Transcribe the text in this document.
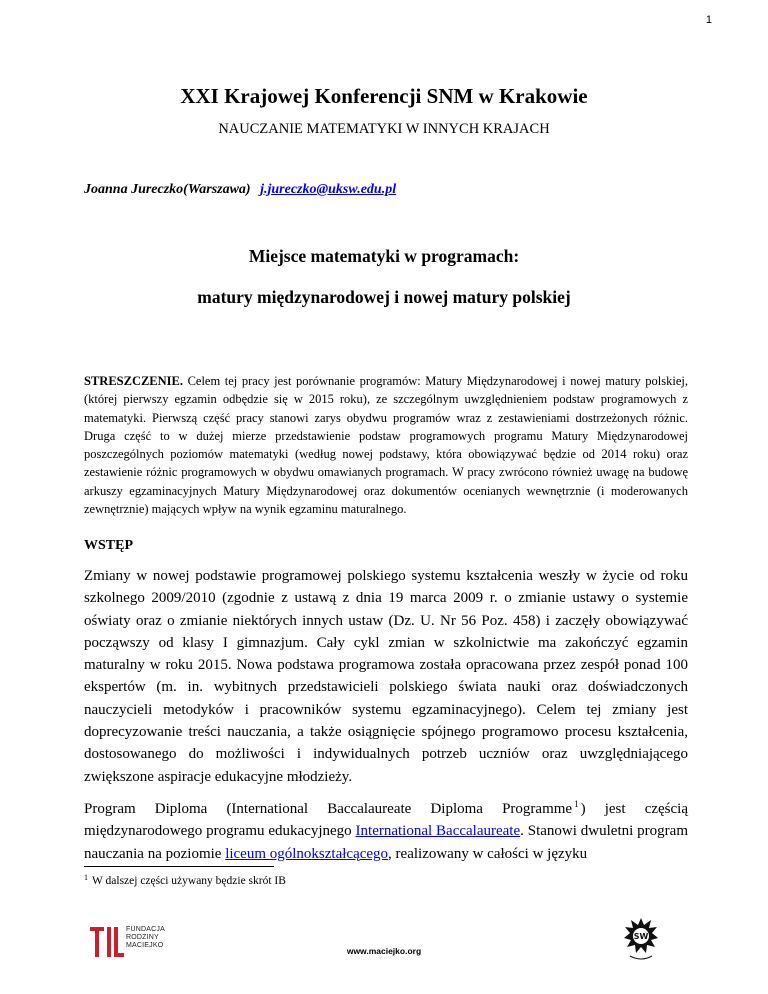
1
XXI Krajowej Konferencji SNM w Krakowie
NAUCZANIE MATEMATYKI W INNYCH KRAJACH
Joanna Jureczko(Warszawa) j.jureczko@uksw.edu.pl
Miejsce matematyki w programach:
matury międzynarodowej i nowej matury polskiej
STRESZCZENIE. Celem tej pracy jest porównanie programów: Matury Międzynarodowej i nowej matury polskiej, (której pierwszy egzamin odbędzie się w 2015 roku), ze szczególnym uwzględnieniem podstaw programowych z matematyki. Pierwszą część pracy stanowi zarys obydwu programów wraz z zestawieniami dostrzeżonych różnic. Druga część to w dużej mierze przedstawienie podstaw programowych programu Matury Międzynarodowej poszczególnych poziomów matematyki (według nowej podstawy, która obowiązywać będzie od 2014 roku) oraz zestawienie różnic programowych w obydwu omawianych programach. W pracy zwrócono również uwagę na budowę arkuszy egzaminacyjnych Matury Międzynarodowej oraz dokumentów ocenianych wewnętrznie (i moderowanych zewnętrznie) mających wpływ na wynik egzaminu maturalnego.
WSTĘP
Zmiany w nowej podstawie programowej polskiego systemu kształcenia weszły w życie od roku szkolnego 2009/2010 (zgodnie z ustawą z dnia 19 marca 2009 r. o zmianie ustawy o systemie oświaty oraz o zmianie niektórych innych ustaw (Dz. U. Nr 56 Poz. 458) i zaczęły obowiązywać począwszy od klasy I gimnazjum. Cały cykl zmian w szkolnictwie ma zakończyć egzamin maturalny w roku 2015. Nowa podstawa programowa została opracowana przez zespół ponad 100 ekspertów (m. in. wybitnych przedstawicieli polskiego świata nauki oraz doświadczonych nauczycieli metodyków i pracowników systemu egzaminacyjnego). Celem tej zmiany jest doprecyzowanie treści nauczania, a także osiągnięcie spójnego programowo procesu kształcenia, dostosowanego do możliwości i indywidualnych potrzeb uczniów oraz uwzględniającego zwiększone aspiracje edukacyjne młodzieży.
Program Diploma (International Baccalaureate Diploma Programme $^1$ ) jest częścią międzynarodowego programu edukacyjnego International Baccalaureate. Stanowi dwuletni program nauczania na poziomie liceum ogólnokształcącego, realizowany w całości w języku
$^1$ W dalszej części używany będzie skrót IB
FUNDACJA
RODZINY
MACIEJKO
www.maciejko.org
SW
